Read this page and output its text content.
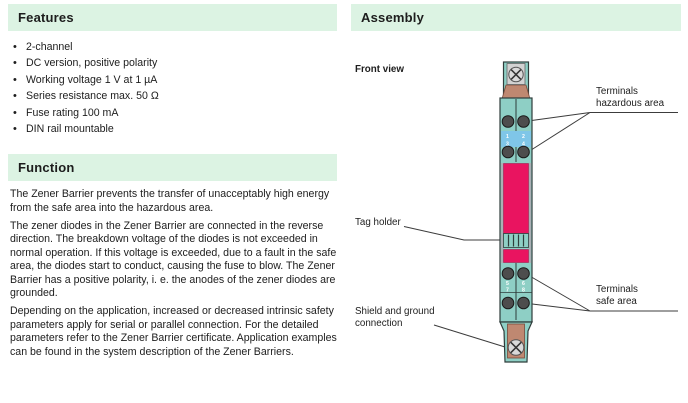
Features
• 2-channel
• DC version, positive polarity
• Working voltage 1 V at 1 µA
• Series resistance max. 50 Ω
• Fuse rating 100 mA
• DIN rail mountable
Function

The Zener Barrier prevents the transfer of unacceptably high energy from the safe area into the hazardous area.

The zener diodes in the Zener Barrier are connected in the reverse direction. The breakdown voltage of the diodes is not exceeded in normal operation. If this voltage is exceeded, due to a fault in the safe area, the diodes start to conduct, causing the fuse to blow. The Zener Barrier has a positive polarity, i. e. the anodes of the zener diodes are grounded.

Depending on the application, increased or decreased intrinsic safety parameters apply for serial or parallel connection. For the detailed parameters refer to the Zener Barrier certificate. Application examples can be found in the system description of the Zener Barriers.

Assembly
Front view
1	2
3	4
5	6
7	8
Terminals
hazardous area
Tag holder
Terminals
safe area
Shield and ground
connection
